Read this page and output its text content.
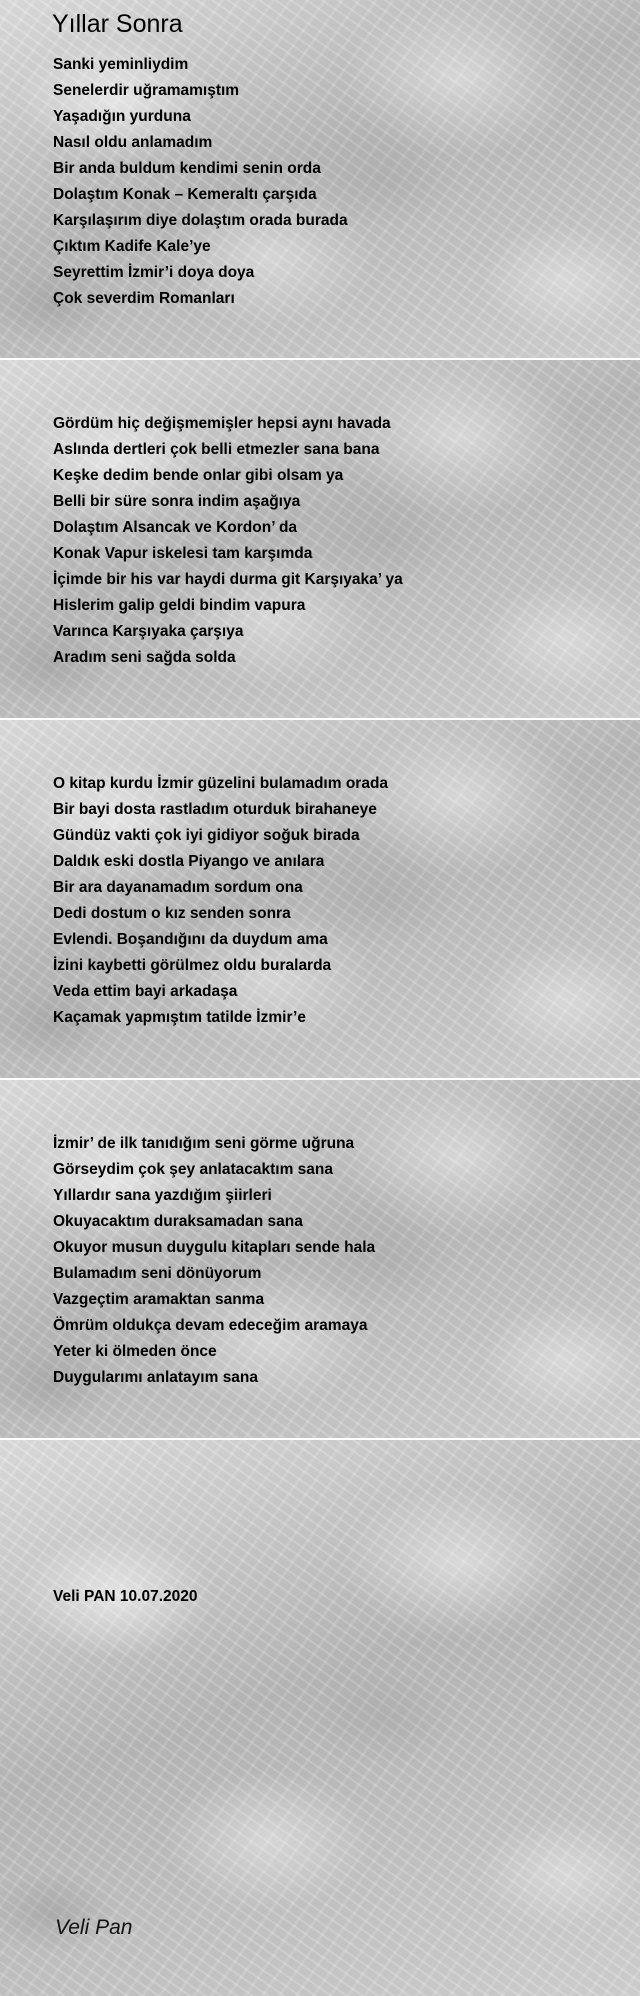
Yıllar Sonra
Sanki yeminliydim
Senelerdir uğramamıştım
Yaşadığın yurduna
Nasıl oldu anlamadım
Bir anda buldum kendimi senin orda
Dolaştım Konak – Kemeraltı çarşıda
Karşılaşırım diye dolaştım orada burada
Çıktım Kadife Kale’ye
Seyrettim İzmir’i doya doya
Çok severdim Romanları
Gördüm hiç değişmemişler hepsi aynı havada
Aslında dertleri çok belli etmezler sana bana
Keşke dedim bende onlar gibi olsam ya
Belli bir süre sonra indim aşağıya
Dolaştım Alsancak ve Kordon’ da
Konak Vapur iskelesi tam karşımda
İçimde bir his var haydi durma git Karşıyaka’ ya
Hislerim galip geldi bindim vapura
Varınca Karşıyaka çarşıya
Aradım seni sağda solda
O kitap kurdu İzmir güzelini bulamadım orada
Bir bayi dosta rastladım oturduk birahaneye
Gündüz vakti çok iyi gidiyor soğuk birada
Daldık eski dostla Piyango ve anılara
Bir ara dayanamadım sordum ona
Dedi dostum o kız senden sonra
Evlendi. Boşandığını da duydum ama
İzini kaybetti görülmez oldu buralarda
Veda ettim bayi arkadaşa
Kaçamak yapmıştım tatilde İzmir’e
İzmir’ de ilk tanıdığım seni görme uğruna
Görseydim çok şey anlatacaktım sana
Yıllardır sana yazdığım şiirleri
Okuyacaktım duraksamadan sana
Okuyor musun duygulu kitapları sende hala
Bulamadım seni dönüyorum
Vazgeçtim aramaktan sanma
Ömrüm oldukça devam edeceğim aramaya
Yeter ki ölmeden önce
Duygularımı anlatayım sana

Veli PAN 10.07.2020

Veli Pan
